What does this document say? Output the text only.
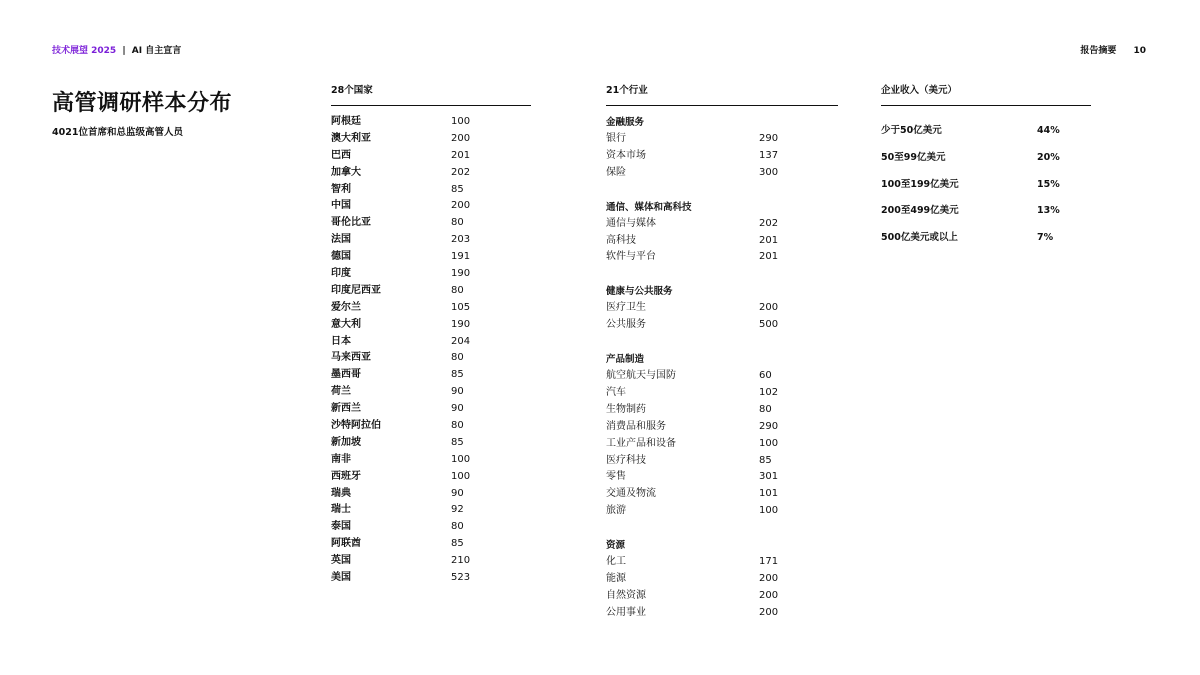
技术展望 2025 | AI 自主宣言	报告摘要 10
高管调研样本分布
4021位首席和总监级高管人员
28个国家
阿根廷	100
澳大利亚	200
巴西	201
加拿大	202
智利	85
中国	200
哥伦比亚	80
法国	203
德国	191
印度	190
印度尼西亚	80
爱尔兰	105
意大利	190
日本	204
马来西亚	80
墨西哥	85
荷兰	90
新西兰	90
沙特阿拉伯	80
新加坡	85
南非	100
西班牙	100
瑞典	90
瑞士	92
泰国	80
阿联酋	85
英国	210
美国	523
21个行业
金融服务
银行	290
资本市场	137
保险	300
通信、媒体和高科技
通信与媒体	202
高科技	201
软件与平台	201
健康与公共服务
医疗卫生	200
公共服务	500
产品制造
航空航天与国防	60
汽车	102
生物制药	80
消费品和服务	290
工业产品和设备	100
医疗科技	85
零售	301
交通及物流	101
旅游	100
资源
化工	171
能源	200
自然资源	200
公用事业	200
企业收入（美元）
少于50亿美元	44%
50至99亿美元	20%
100至199亿美元	15%
200至499亿美元	13%
500亿美元或以上	7%
